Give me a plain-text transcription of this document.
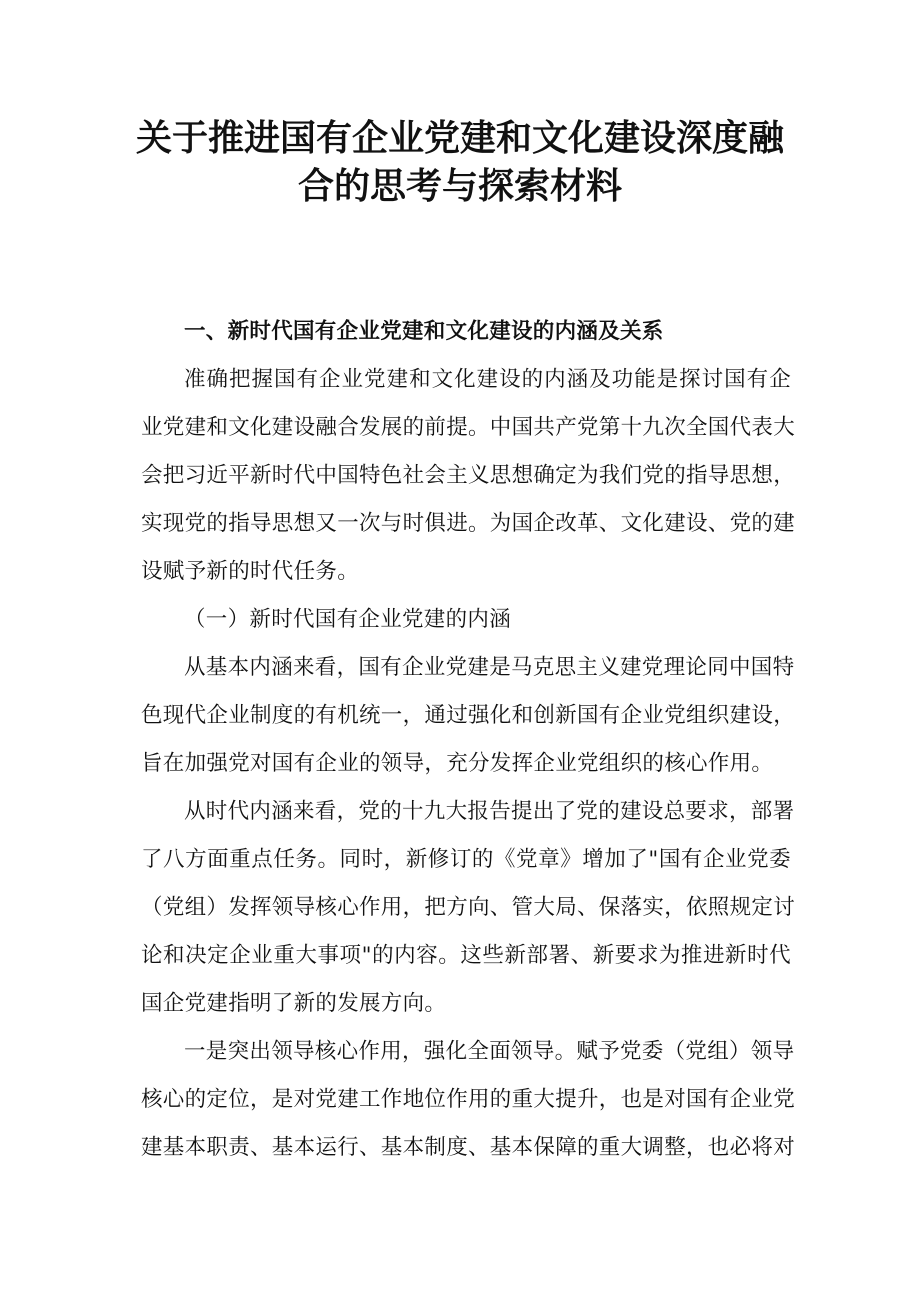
关于推进国有企业党建和文化建设深度融
合的思考与探索材料

一、新时代国有企业党建和文化建设的内涵及关系

准确把握国有企业党建和文化建设的内涵及功能是探讨国有企

业党建和文化建设融合发展的前提。中国共产党第十九次全国代表大

会把习近平新时代中国特色社会主义思想确定为我们党的指导思想，

实现党的指导思想又一次与时俱进。为国企改革、文化建设、党的建

设赋予新的时代任务。

（一）新时代国有企业党建的内涵

从基本内涵来看，国有企业党建是马克思主义建党理论同中国特

色现代企业制度的有机统一，通过强化和创新国有企业党组织建设，

旨在加强党对国有企业的领导，充分发挥企业党组织的核心作用。

从时代内涵来看，党的十九大报告提出了党的建设总要求，部署

了八方面重点任务。同时，新修订的《党章》增加了"国有企业党委

（党组）发挥领导核心作用，把方向、管大局、保落实，依照规定讨

论和决定企业重大事项"的内容。这些新部署、新要求为推进新时代

国企党建指明了新的发展方向。

一是突出领导核心作用，强化全面领导。赋予党委（党组）领导

核心的定位，是对党建工作地位作用的重大提升，也是对国有企业党

建基本职责、基本运行、基本制度、基本保障的重大调整，也必将对
